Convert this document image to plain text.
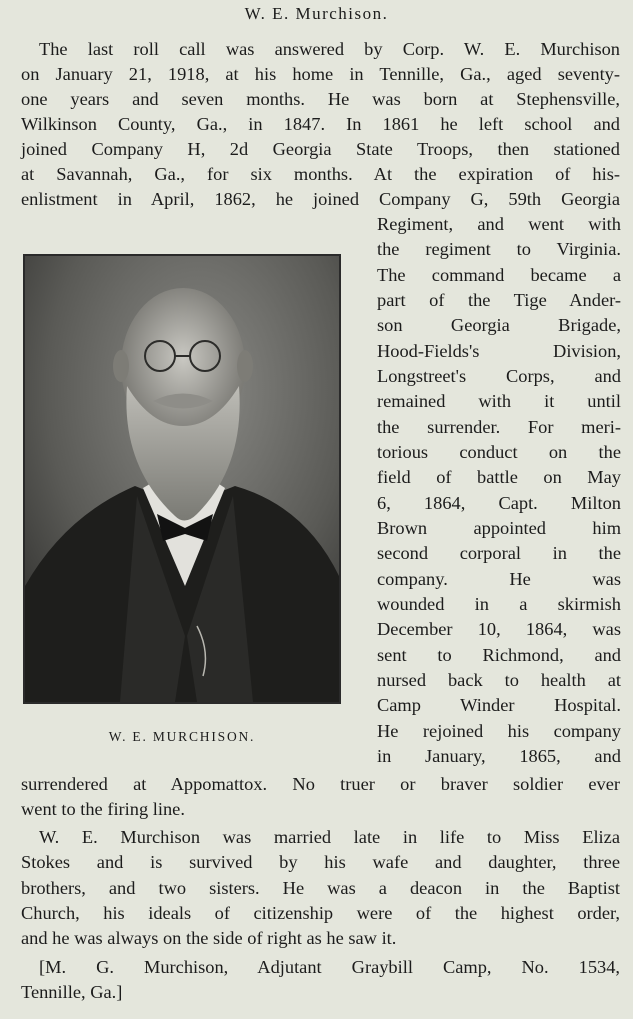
W. E. Murchison.
The last roll call was answered by Corp. W. E. Murchison
on January 21, 1918, at his home in Tennille, Ga., aged seventy-
one years and seven months. He was born at Stephensville,
Wilkinson County, Ga., in 1847. In 1861 he left school and
joined Company H, 2d Georgia State Troops, then stationed
at Savannah, Ga., for six months. At the expiration of his-
enlistment in April, 1862, he joined Company G, 59th Georgia
W. E. MURCHISON.
Regiment, and went with
the regiment to Virginia.
The command became a
part of the Tige Ander-
son Georgia Brigade,
Hood-Fields's Division,
Longstreet's Corps, and
remained with it until
the surrender. For meri-
torious conduct on the
field of battle on May
6, 1864, Capt. Milton
Brown appointed him
second corporal in the
company. He was
wounded in a skirmish
December 10, 1864, was
sent to Richmond, and
nursed back to health at
Camp Winder Hospital.
He rejoined his company
in January, 1865, and
surrendered at Appomattox. No truer or braver soldier ever
went to the firing line.
W. E. Murchison was married late in life to Miss Eliza
Stokes and is survived by his wafe and daughter, three
brothers, and two sisters. He was a deacon in the Baptist
Church, his ideals of citizenship were of the highest order,
and he was always on the side of right as he saw it.
[M. G. Murchison, Adjutant Graybill Camp, No. 1534,
Tennille, Ga.]
